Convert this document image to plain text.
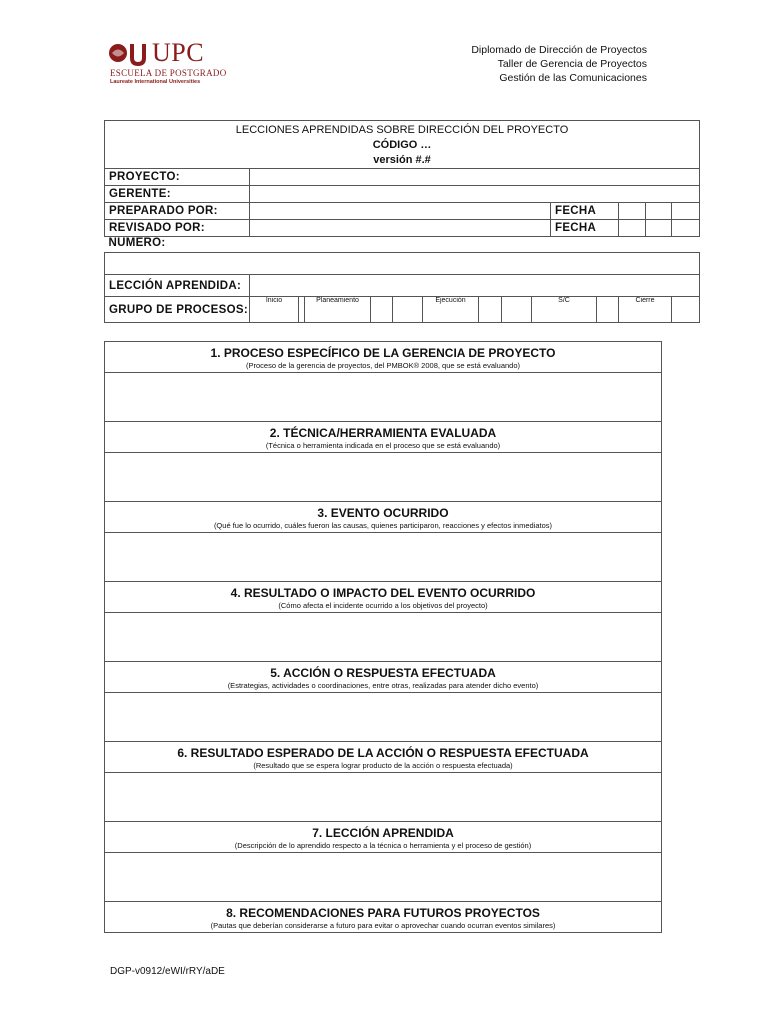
UPC
ESCUELA DE POSTGRADO
Laureate International Universities
Diplomado de Dirección de Proyectos
Taller de Gerencia de Proyectos
Gestión de las Comunicaciones
LECCIONES APRENDIDAS SOBRE DIRECCIÓN DEL PROYECTO
CÓDIGO …
versión #.#														

PROYECTO:														
GERENTE:														
PREPARADO POR:										FECHA				
REVISADO POR:										FECHA				
NÚMERO:														

LECCIÓN APRENDIDA:														
GRUPO DE PROCESOS:	Inicio		Planeamiento			Ejecución			S/C			Cierre		
1. PROCESO ESPECÍFICO DE LA GERENCIA DE PROYECTO
(Proceso de la gerencia de proyectos, del PMBOK® 2008, que se está evaluando)

2. TÉCNICA/HERRAMIENTA EVALUADA
(Técnica o herramienta indicada en el proceso que se está evaluando)

3. EVENTO OCURRIDO
(Qué fue lo ocurrido, cuáles fueron las causas, quienes participaron, reacciones y efectos inmediatos)

4. RESULTADO O IMPACTO DEL EVENTO OCURRIDO
(Cómo afecta el incidente ocurrido a los objetivos del proyecto)

5. ACCIÓN O RESPUESTA EFECTUADA
(Estrategias, actividades o coordinaciones, entre otras, realizadas para atender dicho evento)

6. RESULTADO ESPERADO DE LA ACCIÓN O RESPUESTA EFECTUADA
(Resultado que se espera lograr producto de la acción o respuesta efectuada)

7. LECCIÓN APRENDIDA
(Descripción de lo aprendido respecto a la técnica o herramienta y el proceso de gestión)

8. RECOMENDACIONES PARA FUTUROS PROYECTOS
(Pautas que deberían considerarse a futuro para evitar o aprovechar cuando ocurran eventos similares)
DGP-v0912/eWI/rRY/aDE
